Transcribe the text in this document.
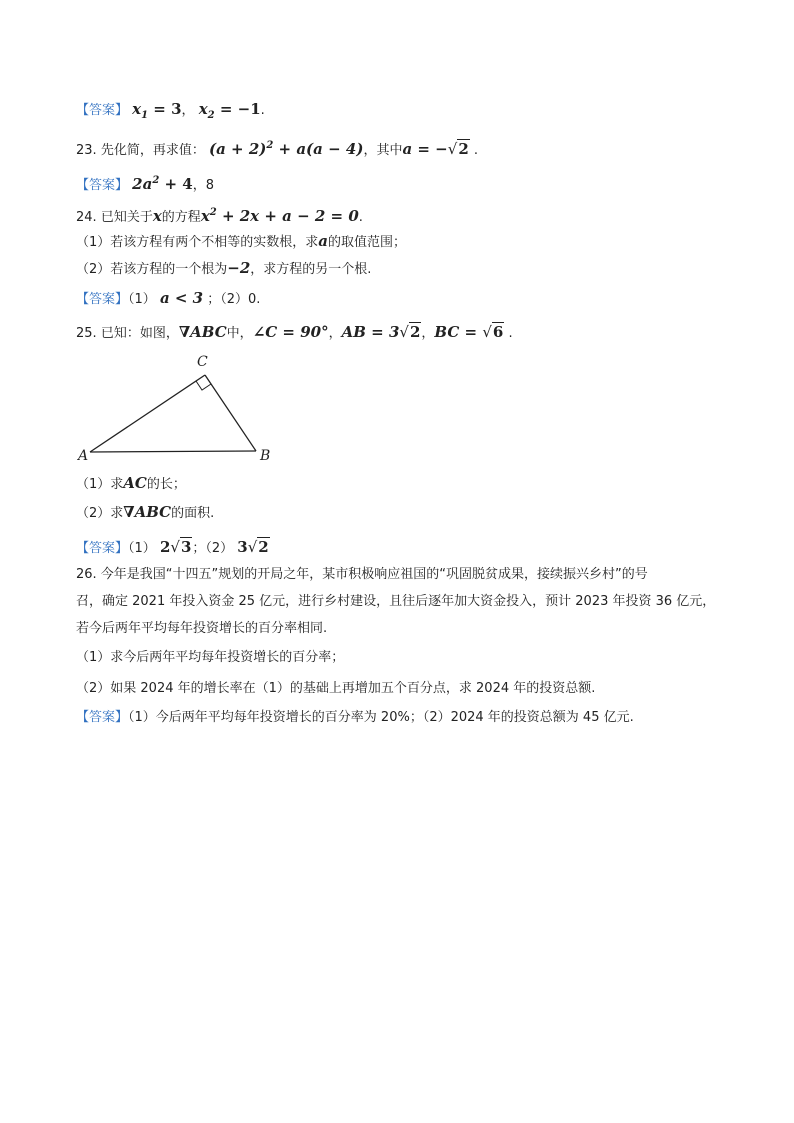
【答案】 $x_1 = 3$， $x_2 = -1$.
23. 先化简，再求值： $(a + 2)^2 + a(a - 4)$，其中a = −√2 .
【答案】 $2a^2 + 4$，8
24. 已知关于x的方程$x^2 + 2x + a - 2 = 0$.
（1）若该方程有两个不相等的实数根，求a的取值范围；
（2）若该方程的一个根为−2，求方程的另一个根.
【答案】（1） a < 3 ；（2）0.
25. 已知：如图，∇ABC中，∠C = 90°，AB = 3√2，BC = √6 .
A	B
C
（1）求AC的长；
（2）求∇ABC的面积.
【答案】（1） 2√3；（2） 3√2
26. 今年是我国“十四五”规划的开局之年，某市积极响应祖国的“巩固脱贫成果，接续振兴乡村”的号
召，确定 2021 年投入资金 25 亿元，进行乡村建设，且往后逐年加大资金投入，预计 2023 年投资 36 亿元，
若今后两年平均每年投资增长的百分率相同.
（1）求今后两年平均每年投资增长的百分率；
（2）如果 2024 年的增长率在（1）的基础上再增加五个百分点，求 2024 年的投资总额.
【答案】（1）今后两年平均每年投资增长的百分率为 20%；（2）2024 年的投资总额为 45 亿元.
